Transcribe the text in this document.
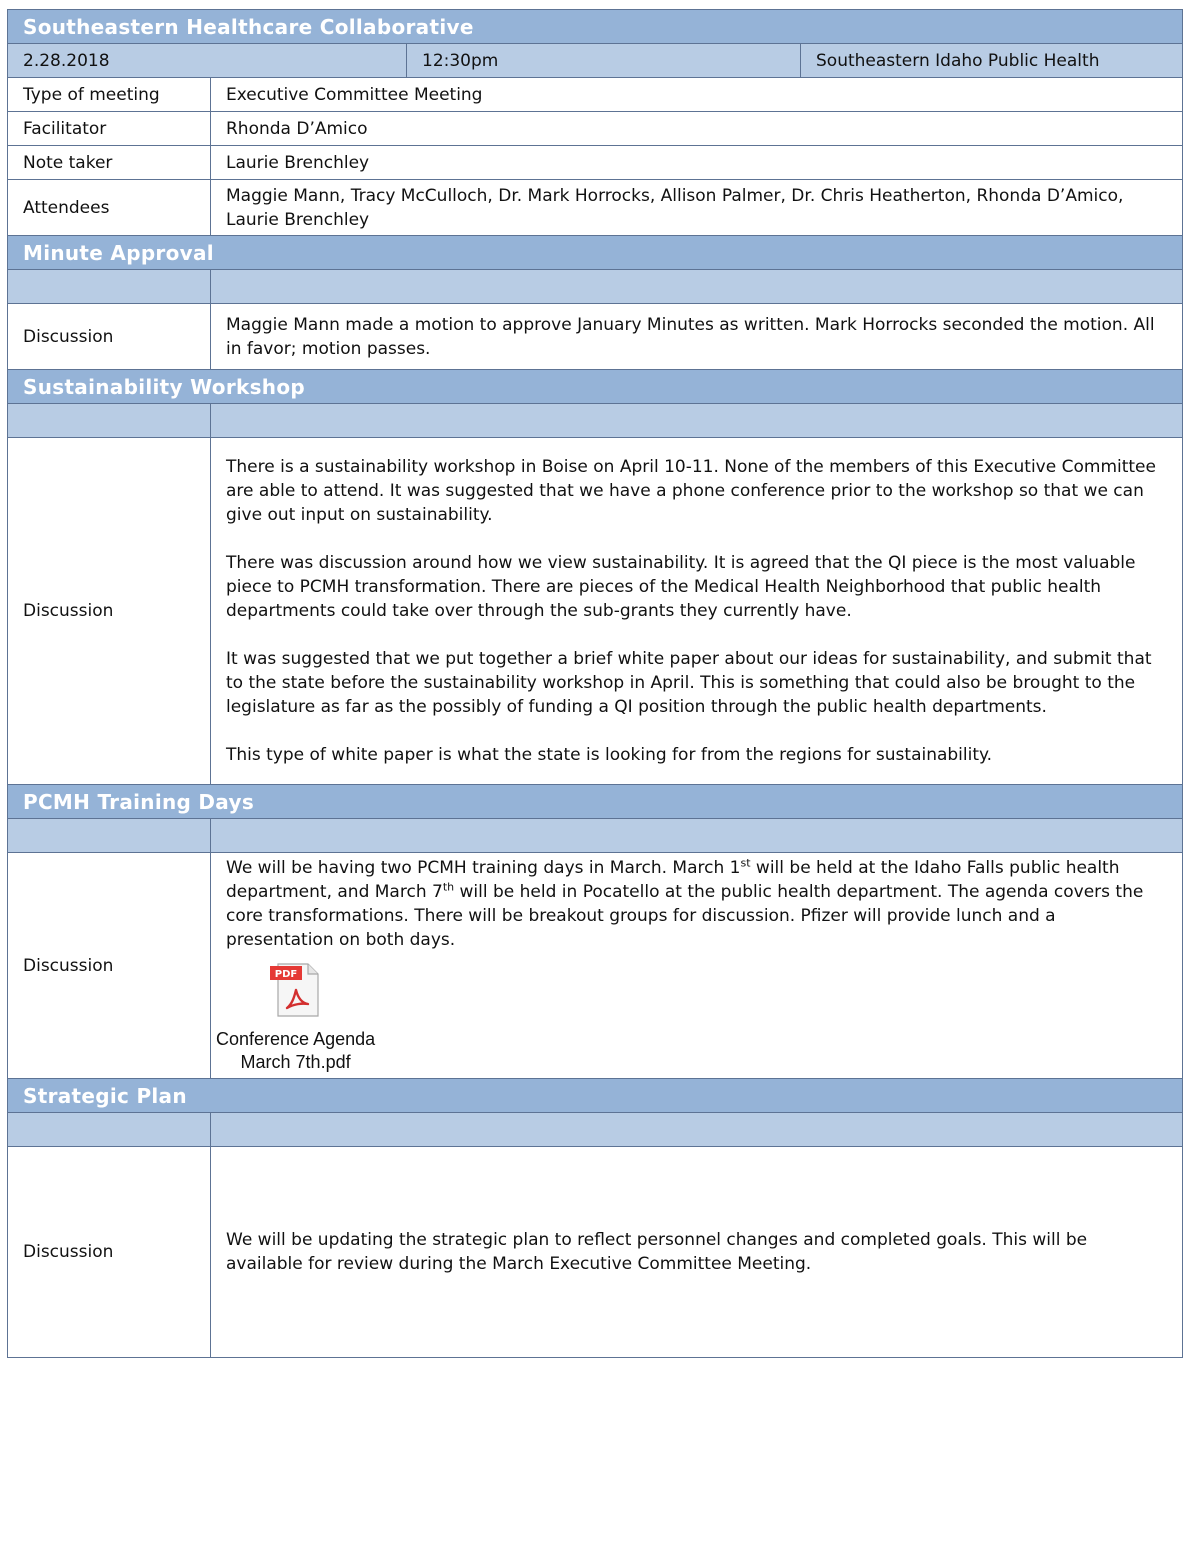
Southeastern Healthcare Collaborative			
2.28.2018		12:30pm	Southeastern Idaho Public Health
Type of meeting	Executive Committee Meeting		
Facilitator	Rhonda D’Amico		
Note taker	Laurie Brenchley		
Attendees	Maggie Mann, Tracy McCulloch, Dr. Mark Horrocks, Allison Palmer, Dr. Chris Heatherton, Rhonda D’Amico, Laurie Brenchley		
Minute Approval			

Discussion	Maggie Mann made a motion to approve January Minutes as written. Mark Horrocks seconded the motion. All in favor; motion passes.		

Sustainability Workshop			

Discussion	There is a sustainability workshop in Boise on April 10-11. None of the members of this Executive Committee are able to attend. It was suggested that we have a phone conference prior to the workshop so that we can give out input on sustainability.

There was discussion around how we view sustainability. It is agreed that the QI piece is the most valuable piece to PCMH transformation. There are pieces of the Medical Health Neighborhood that public health departments could take over through the sub-grants they currently have.

It was suggested that we put together a brief white paper about our ideas for sustainability, and submit that to the state before the sustainability workshop in April. This is something that could also be brought to the legislature as far as the possibly of funding a QI position through the public health departments.

This type of white paper is what the state is looking for from the regions for sustainability.		

PCMH Training Days			

Discussion	We will be having two PCMH training days in March. March 1st will be held at the Idaho Falls public health department, and March 7th will be held in Pocatello at the public health department. The agenda covers the core transformations. There will be breakout groups for discussion. Pfizer will provide lunch and a presentation on both days.

PDF
Conference Agenda
March 7th.pdf		

Strategic Plan			

Discussion	We will be updating the strategic plan to reflect personnel changes and completed goals. This will be available for review during the March Executive Committee Meeting.		
